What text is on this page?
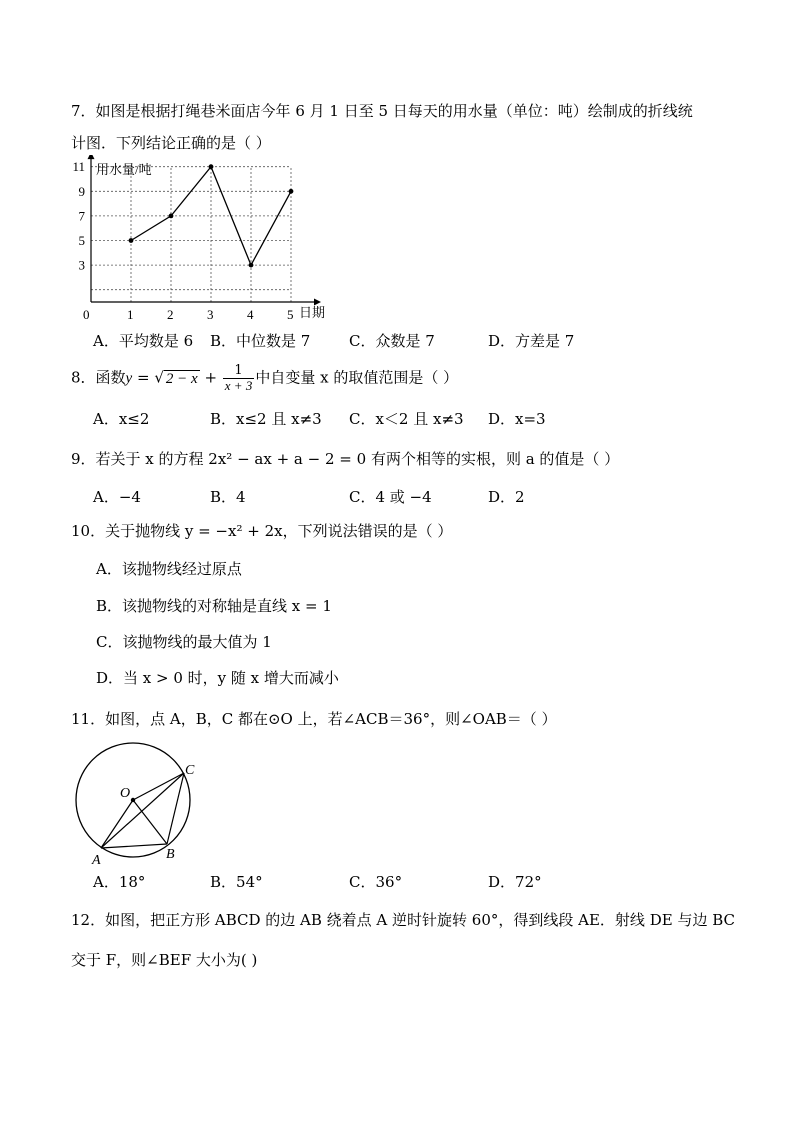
7．如图是根据打绳巷米面店今年 6 月 1 日至 5 日每天的用水量（单位：吨）绘制成的折线统
计图．下列结论正确的是（ ）
0	1	2	3	4	5
3
5
7
9
11 用水量/吨
日期
A．平均数是 6 B．中位数是 7	C．众数是 7	D．方差是 7
8．函数y = √ $2 - x + \frac{1}{x + 3}$ 中自变量 x 的取值范围是（ ）
A．x≤2	B．x≤2 且 x≠3 C．x＜2 且 x≠3 D．x=3
9．若关于 x 的方程 2x² − ax + a − 2 = 0 有两个相等的实根，则 a 的值是（ ）
A．−4	B．4	C．4 或 −4	D．2
10．关于抛物线 y = −x² + 2x，下列说法错误的是（ ）
A．该抛物线经过原点
B．该抛物线的对称轴是直线 x = 1
C．该抛物线的最大值为 1
D．当 x > 0 时，y 随 x 增大而减小
11．如图，点 A，B，C 都在⊙O 上，若∠ACB＝36°，则∠OAB＝（ ）
O
A	B
C
A．18°	B．54°	C．36°	D．72°
12．如图，把正方形 ABCD 的边 AB 绕着点 A 逆时针旋转 60°，得到线段 AE．射线 DE 与边 BC
交于 F，则∠BEF 大小为( )
